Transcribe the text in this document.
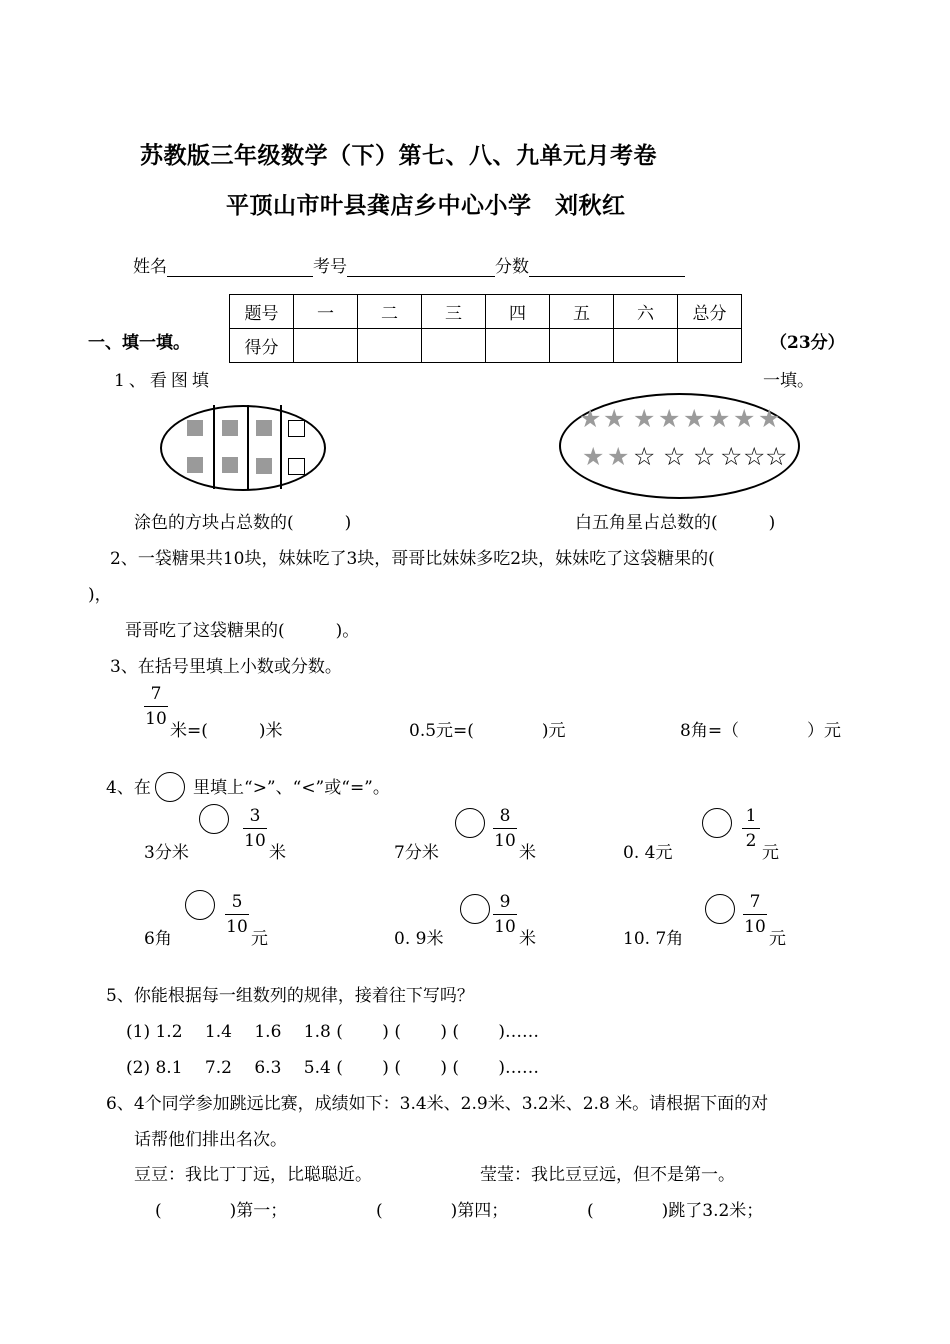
苏教版三年级数学（下）第七、八、九单元月考卷
平顶山市叶县龚店乡中心小学　刘秋红
姓名	考号	分数
题号	一	二	三	四	五	六	总分
得分							
一、填一填。	（23分）
1、看图填	一填。
★ ★ ★ ★ ★ ★ ★ ★
★ ★ ☆ ☆ ☆ ☆ ☆ ☆
涂色的方块占总数的(　　　)	白五角星占总数的(　　　)
2、一袋糖果共10块，妹妹吃了3块，哥哥比妹妹多吃2块，妹妹吃了这袋糖果的(
)，
哥哥吃了这袋糖果的(　　　)。
3、在括号里填上小数或分数。
7
10
米=(　　　)米	0.5元=(　　　　)元	8角=（　　　　）元
4、在 里填上“>”、“<”或“=”。
3分米
3
10
米	7分米
8
10
米	0. 4元
1
2
元
6角
5
10
元	0. 9米
9
10
米	10. 7角
7
10
元
5、你能根据每一组数列的规律，接着往下写吗？
(1) 1.2  1.4  1.6  1.8 (　　 ) (　　 ) (　　 )……
(2) 8.1  7.2  6.3  5.4 (　　 ) (　　 ) (　　 )……
6、4个同学参加跳远比赛，成绩如下：3.4米、2.9米、3.2米、2.8 米。请根据下面的对
话帮他们排出名次。
豆豆：我比丁丁远，比聪聪近。	莹莹：我比豆豆远，但不是第一。
(　　　　)第一；	(　　　　)第四；	(　　　　)跳了3.2米；
